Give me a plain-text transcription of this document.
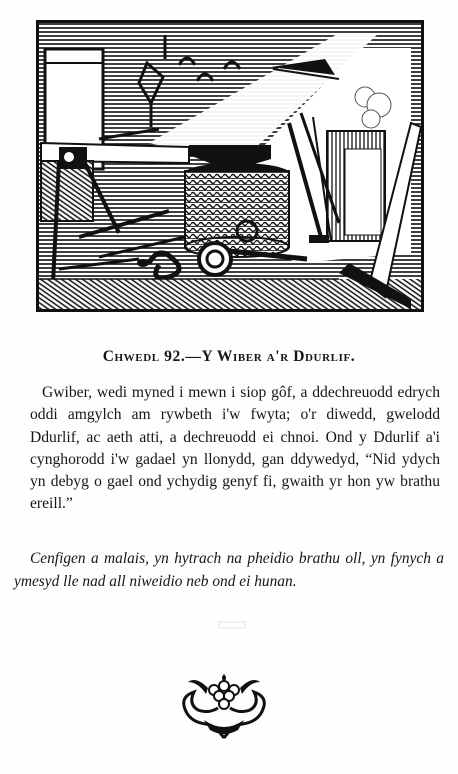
Chwedl 92.—Y Wiber a'r Ddurlif.

Gwiber, wedi myned i mewn i siop gôf, a ddechreuodd edrych oddi amgylch am rywbeth i'w fwyta; o'r diwedd, gwelodd Ddurlif, ac aeth atti, a dechreuodd ei chnoi. Ond y Ddurlif a'i cynghorodd i'w gadael yn llonydd, gan ddywedyd, “Nid ydych yn debyg o gael ond ychydig genyf fi, gwaith yr hon yw brathu ereill.”

Cenfigen a malais, yn hytrach na pheidio brathu oll, yn fynych a ymesyd lle nad all niweidio neb ond ei hunan.
